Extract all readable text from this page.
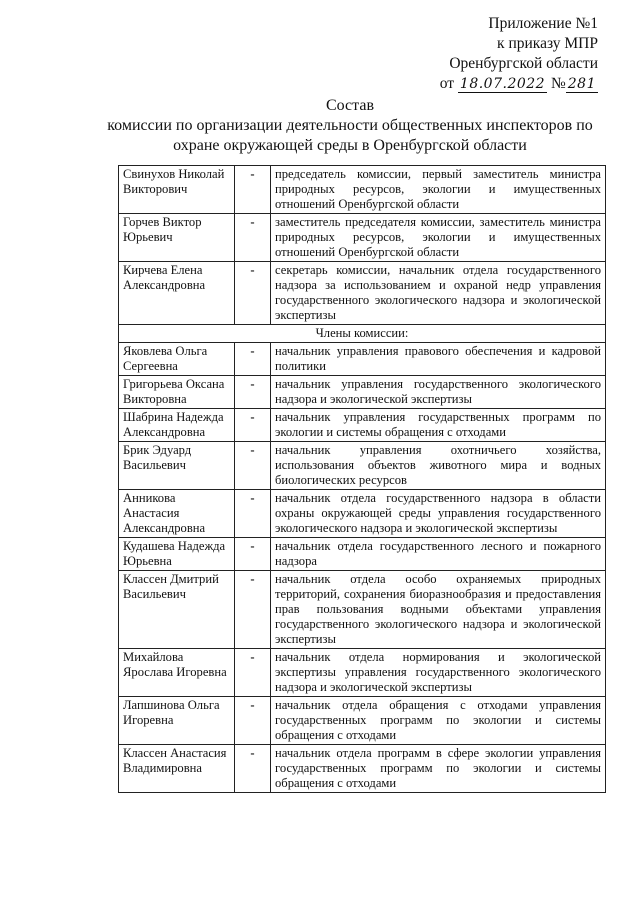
Приложение №1
к приказу МПР
Оренбургской области
от 18.07.2022 № 281
Состав
комиссии по организации деятельности общественных инспекторов по
охране окружающей среды в Оренбургской области
Свинухов Николай Викторович	-	председатель комиссии, первый заместитель министра природных ресурсов, экологии и имущественных отношений Оренбургской области
Горчев Виктор Юрьевич	-	заместитель председателя комиссии, заместитель министра природных ресурсов, экологии и имущественных отношений Оренбургской области
Кирчева Елена Александровна	-	секретарь комиссии, начальник отдела государственного надзора за использованием и охраной недр управления государственного экологического надзора и экологической экспертизы
Члены комиссии:		
Яковлева Ольга Сергеевна	-	начальник управления правового обеспечения и кадровой политики
Григорьева Оксана Викторовна	-	начальник управления государственного экологического надзора и экологической экспертизы
Шабрина Надежда Александровна	-	начальник управления государственных программ по экологии и системы обращения с отходами
Брик Эдуард Васильевич	-	начальник управления охотничьего хозяйства, использования объектов животного мира и водных биологических ресурсов
Анникова Анастасия Александровна	-	начальник отдела государственного надзора в области охраны окружающей среды управления государственного экологического надзора и экологической экспертизы
Кудашева Надежда Юрьевна	-	начальник отдела государственного лесного и пожарного надзора
Классен Дмитрий Васильевич	-	начальник отдела особо охраняемых природных территорий, сохранения биоразнообразия и предоставления прав пользования водными объектами управления государственного экологического надзора и экологической экспертизы
Михайлова Ярослава Игоревна	-	начальник отдела нормирования и экологической экспертизы управления государственного экологического надзора и экологической экспертизы
Лапшинова Ольга Игоревна	-	начальник отдела обращения с отходами управления государственных программ по экологии и системы обращения с отходами
Классен Анастасия Владимировна	-	начальник отдела программ в сфере экологии управления государственных программ по экологии и системы обращения с отходами
